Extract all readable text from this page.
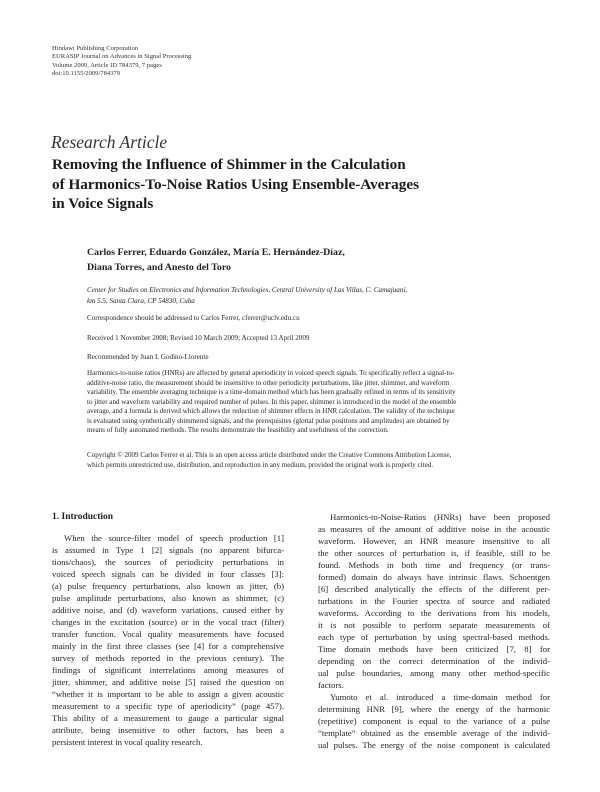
Hindawi Publishing Corporation
EURASIP Journal on Advances in Signal Processing
Volume 2009, Article ID 784379, 7 pages
doi:10.1155/2009/784379
Research Article
Removing the Influence of Shimmer in the Calculation
of Harmonics-To-Noise Ratios Using Ensemble-Averages
in Voice Signals
Carlos Ferrer, Eduardo González, María E. Hernández-Díaz,
Diana Torres, and Anesto del Toro
Center for Studies on Electronics and Information Technologies, Central University of Las Villas, C. Camajuaní,
km 5.5, Santa Clara, CP 54830, Cuba
Correspondence should be addressed to Carlos Ferrer, cferrer@uclv.edu.cu
Received 1 November 2008; Revised 10 March 2009; Accepted 13 April 2009
Recommended by Juan I. Godino-Llorente
Harmonics-to-noise ratios (HNRs) are affected by general aperiodicity in voiced speech signals. To specifically reflect a signal-to-
additive-noise ratio, the measurement should be insensitive to other periodicity perturbations, like jitter, shimmer, and waveform
variability. The ensemble averaging technique is a time-domain method which has been gradually refined in terms of its sensitivity
to jitter and waveform variability and required number of pulses. In this paper, shimmer is introduced in the model of the ensemble
average, and a formula is derived which allows the reduction of shimmer effects in HNR calculation. The validity of the technique
is evaluated using synthetically shimmered signals, and the prerequisites (glottal pulse positions and amplitudes) are obtained by
means of fully automated methods. The results demonstrate the feasibility and usefulness of the correction.
Copyright © 2009 Carlos Ferrer et al. This is an open access article distributed under the Creative Commons Attribution License,
which permits unrestricted use, distribution, and reproduction in any medium, provided the original work is properly cited.
1. Introduction
When the source-filter model of speech production [1]
is assumed in Type 1 [2] signals (no apparent bifurca-
tions/chaos), the sources of periodicity perturbations in
voiced speech signals can be divided in four classes [3]:
(a) pulse frequency perturbations, also known as jitter, (b)
pulse amplitude perturbations, also known as shimmer, (c)
additive noise, and (d) waveform variations, caused either by
changes in the excitation (source) or in the vocal tract (filter)
transfer function. Vocal quality measurements have focused
mainly in the first three classes (see [4] for a comprehensive
survey of methods reported in the previous century). The
findings of significant interrelations among measures of
jitter, shimmer, and additive noise [5] raised the question on
“whether it is important to be able to assign a given acoustic
measurement to a specific type of aperiodicity” (page 457).
This ability of a measurement to gauge a particular signal
attribute, being insensitive to other factors, has been a
persistent interest in vocal quality research.
Harmonics-to-Noise-Ratios (HNRs) have been proposed
as measures of the amount of additive noise in the acoustic
waveform. However, an HNR measure insensitive to all
the other sources of perturbation is, if feasible, still to be
found. Methods in both time and frequency (or trans-
formed) domain do always have intrinsic flaws. Schoentgen
[6] described analytically the effects of the different per-
turbations in the Fourier spectra of source and radiated
waveforms. According to the derivations from his models,
it is not possible to perform separate measurements of
each type of perturbation by using spectral-based methods.
Time domain methods have been criticized [7, 8] for
depending on the correct determination of the individ-
ual pulse boundaries, among many other method-specific
factors.
Yumoto et al. introduced a time-domain method for
determining HNR [9], where the energy of the harmonic
(repetitive) component is equal to the variance of a pulse
“template” obtained as the ensemble average of the individ-
ual pulses. The energy of the noise component is calculated
